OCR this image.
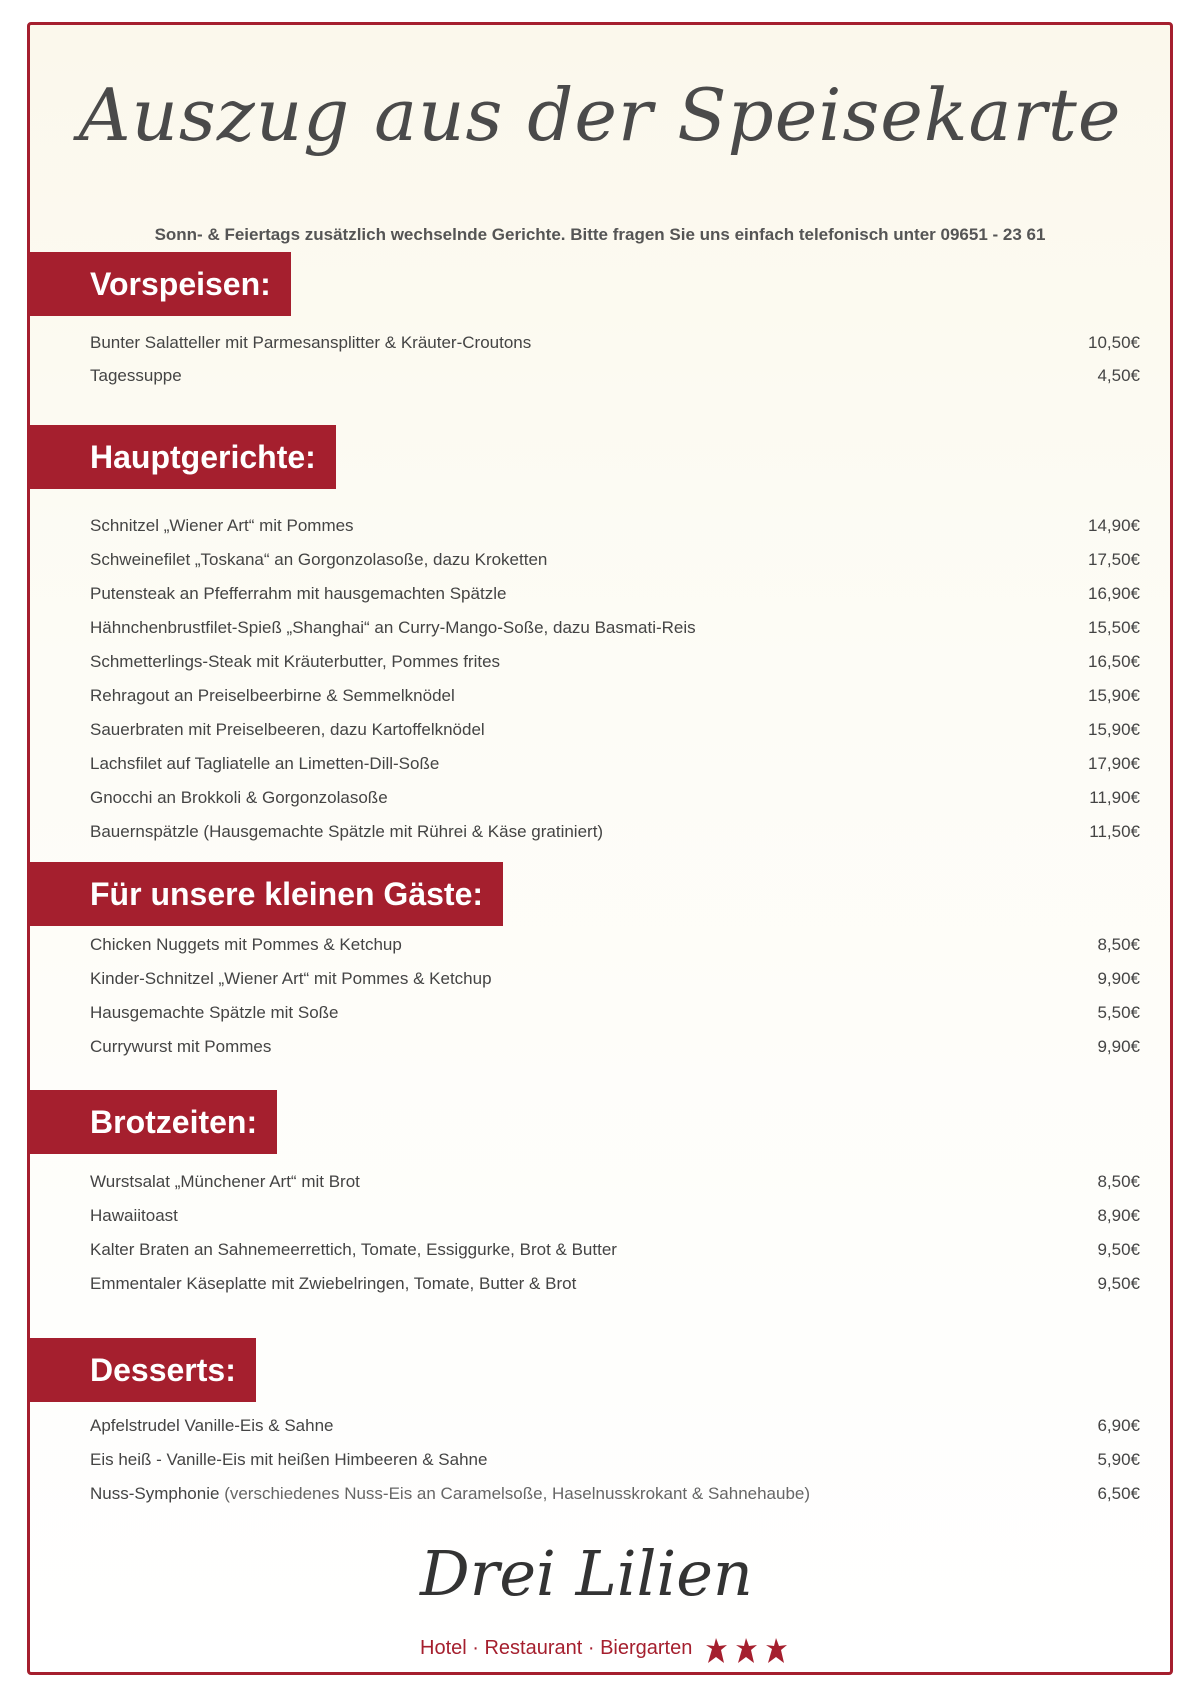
Auszug aus der Speisekarte
Sonn- & Feiertags zusätzlich wechselnde Gerichte. Bitte fragen Sie uns einfach telefonisch unter 09651 - 23 61
Vorspeisen:
Bunter Salatteller mit Parmesansplitter & Kräuter-Croutons	10,50€
Tagessuppe	4,50€
Hauptgerichte:
Schnitzel „Wiener Art“ mit Pommes	14,90€
Schweinefilet „Toskana“ an Gorgonzolasoße, dazu Kroketten	17,50€
Putensteak an Pfefferrahm mit hausgemachten Spätzle	16,90€
Hähnchenbrustfilet-Spieß „Shanghai“ an Curry-Mango-Soße, dazu Basmati-Reis	15,50€
Schmetterlings-Steak mit Kräuterbutter, Pommes frites	16,50€
Rehragout an Preiselbeerbirne & Semmelknödel	15,90€
Sauerbraten mit Preiselbeeren, dazu Kartoffelknödel	15,90€
Lachsfilet auf Tagliatelle an Limetten-Dill-Soße	17,90€
Gnocchi an Brokkoli & Gorgonzolasoße	11,90€
Bauernspätzle (Hausgemachte Spätzle mit Rührei & Käse gratiniert)	11,50€
Für unsere kleinen Gäste:
Chicken Nuggets mit Pommes & Ketchup	8,50€
Kinder-Schnitzel „Wiener Art“ mit Pommes & Ketchup	9,90€
Hausgemachte Spätzle mit Soße	5,50€
Currywurst mit Pommes	9,90€
Brotzeiten:
Wurstsalat „Münchener Art“ mit Brot	8,50€
Hawaiitoast	8,90€
Kalter Braten an Sahnemeerrettich, Tomate, Essiggurke, Brot & Butter	9,50€
Emmentaler Käseplatte mit Zwiebelringen, Tomate, Butter & Brot	9,50€
Desserts:
Apfelstrudel Vanille-Eis & Sahne	6,90€
Eis heiß - Vanille-Eis mit heißen Himbeeren & Sahne	5,90€
Nuss-Symphonie (verschiedenes Nuss-Eis an Caramelsoße, Haselnusskrokant & Sahnehaube)	6,50€
Drei Lilien
Hotel · Restaurant · Biergarten
